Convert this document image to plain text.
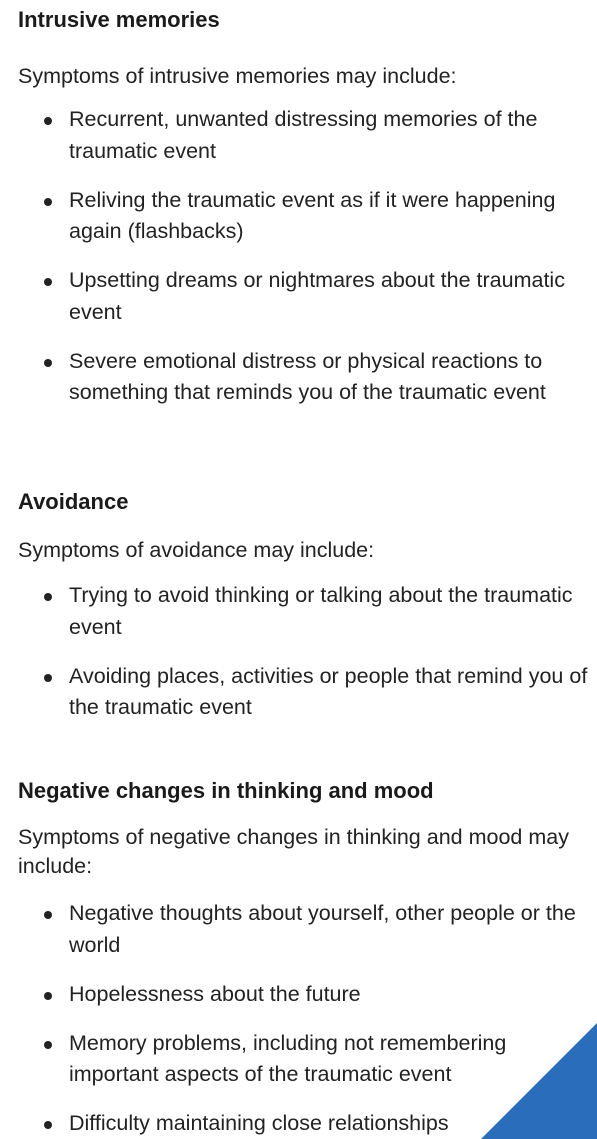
Intrusive memories

Symptoms of intrusive memories may include:

Recurrent, unwanted distressing memories of the traumatic event
Reliving the traumatic event as if it were happening again (flashbacks)
Upsetting dreams or nightmares about the traumatic event
Severe emotional distress or physical reactions to something that reminds you of the traumatic event
Avoidance

Symptoms of avoidance may include:

Trying to avoid thinking or talking about the traumatic event
Avoiding places, activities or people that remind you of the traumatic event
Negative changes in thinking and mood

Symptoms of negative changes in thinking and mood may include:

Negative thoughts about yourself, other people or the world
Hopelessness about the future
Memory problems, including not remembering important aspects of the traumatic event
Difficulty maintaining close relationships
Feedback
